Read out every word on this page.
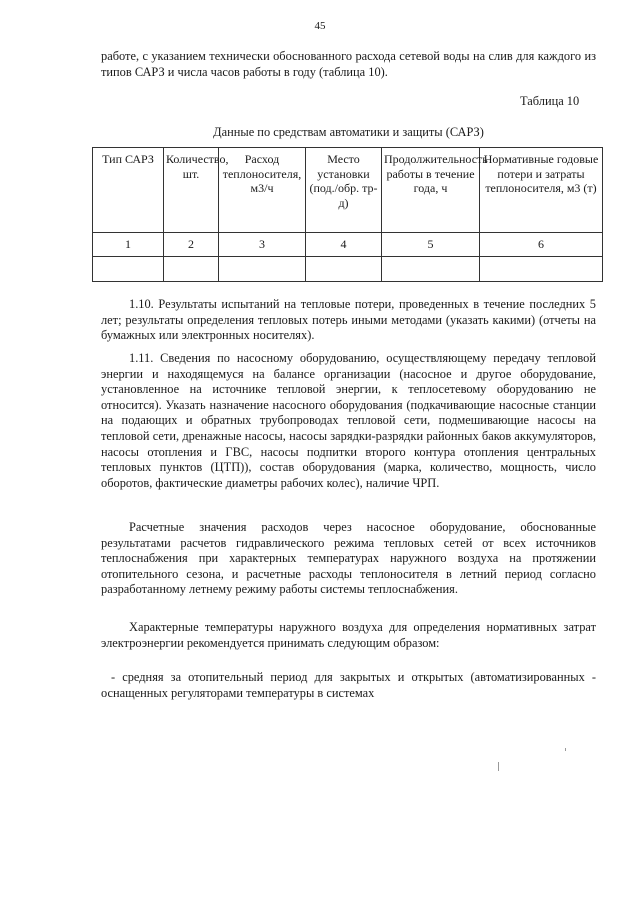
45

работе, с указанием технически обоснованного расхода сетевой воды на слив для каждого из типов САРЗ и числа часов работы в году (таблица 10).

Таблица 10
Данные по средствам автоматики и защиты (САРЗ)
Тип САРЗ	Количество, шт.	Расход теплоносителя, м3/ч	Место установки (под./обр. тр-д)	Продолжительность работы в течение года, ч	Нормативные годовые потери и затраты теплоносителя, м3 (т)
1	2	3	4	5	6

1.10. Результаты испытаний на тепловые потери, проведенных в течение последних 5 лет; результаты определения тепловых потерь иными методами (указать какими) (отчеты на бумажных или электронных носителях).

1.11. Сведения по насосному оборудованию, осуществляющему передачу тепловой энергии и находящемуся на балансе организации (насосное и другое оборудование, установленное на источнике тепловой энергии, к теплосетевому оборудованию не относится). Указать назначение насосного оборудования (подкачивающие насосные станции на подающих и обратных трубопроводах тепловой сети, подмешивающие насосы на тепловой сети, дренажные насосы, насосы зарядки-разрядки районных баков аккумуляторов, насосы отопления и ГВС, насосы подпитки второго контура отопления центральных тепловых пунктов (ЦТП)), состав оборудования (марка, количество, мощность, число оборотов, фактические диаметры рабочих колес), наличие ЧРП.

Расчетные значения расходов через насосное оборудование, обоснованные результатами расчетов гидравлического режима тепловых сетей от всех источников теплоснабжения при характерных температурах наружного воздуха на протяжении отопительного сезона, и расчетные расходы теплоносителя в летний период согласно разработанному летнему режиму работы системы теплоснабжения.

Характерные температуры наружного воздуха для определения нормативных затрат электроэнергии рекомендуется принимать следующим образом:

- средняя за отопительный период для закрытых и открытых (автоматизированных - оснащенных регуляторами температуры в системах
